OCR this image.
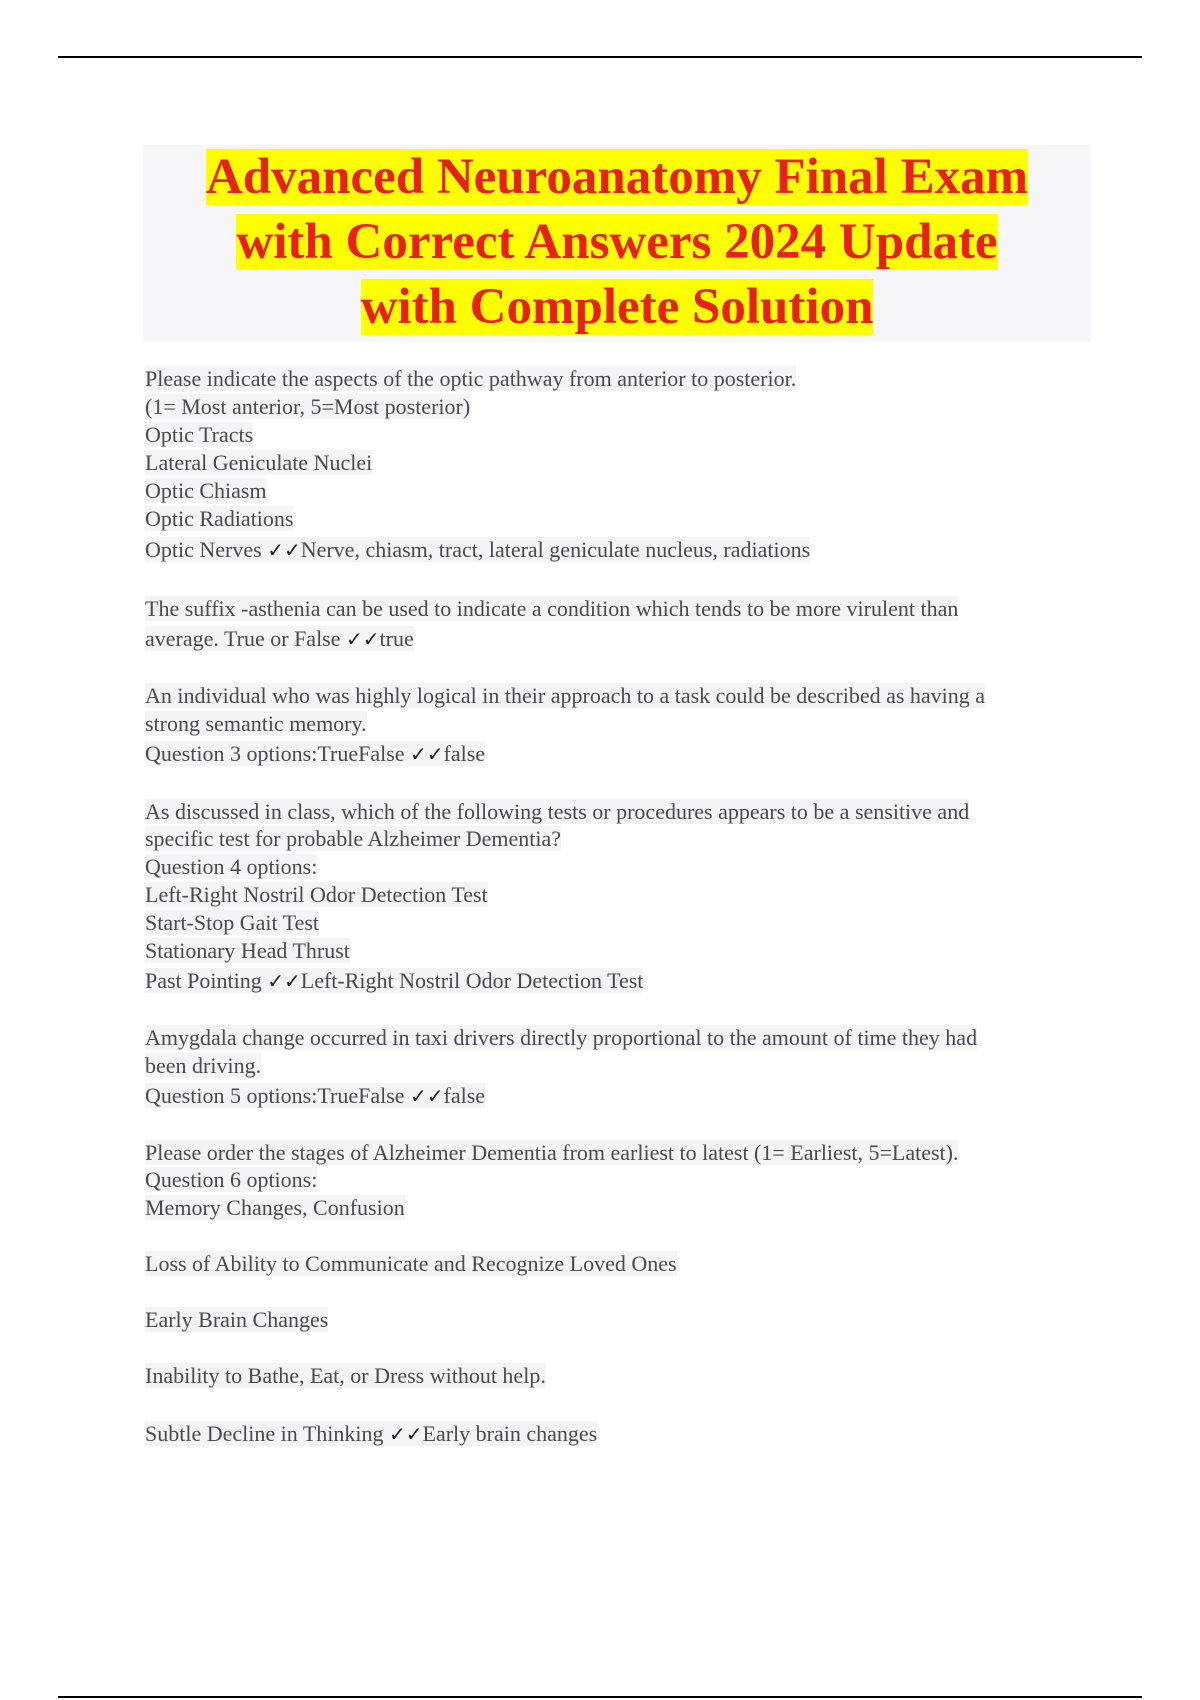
Advanced Neuroanatomy Final Exam
with Correct Answers 2024 Update
with Complete Solution
Please indicate the aspects of the optic pathway from anterior to posterior.
(1= Most anterior, 5=Most posterior)
Optic Tracts
Lateral Geniculate Nuclei
Optic Chiasm
Optic Radiations
Optic Nerves ✓✓Nerve, chiasm, tract, lateral geniculate nucleus, radiations
The suffix -asthenia can be used to indicate a condition which tends to be more virulent than
average. True or False ✓✓true
An individual who was highly logical in their approach to a task could be described as having a
strong semantic memory.
Question 3 options:TrueFalse ✓✓false
As discussed in class, which of the following tests or procedures appears to be a sensitive and
specific test for probable Alzheimer Dementia?
Question 4 options:
Left-Right Nostril Odor Detection Test
Start-Stop Gait Test
Stationary Head Thrust
Past Pointing ✓✓Left-Right Nostril Odor Detection Test
Amygdala change occurred in taxi drivers directly proportional to the amount of time they had
been driving.
Question 5 options:TrueFalse ✓✓false
Please order the stages of Alzheimer Dementia from earliest to latest (1= Earliest, 5=Latest).
Question 6 options:
Memory Changes, Confusion
Loss of Ability to Communicate and Recognize Loved Ones
Early Brain Changes
Inability to Bathe, Eat, or Dress without help.
Subtle Decline in Thinking ✓✓Early brain changes
